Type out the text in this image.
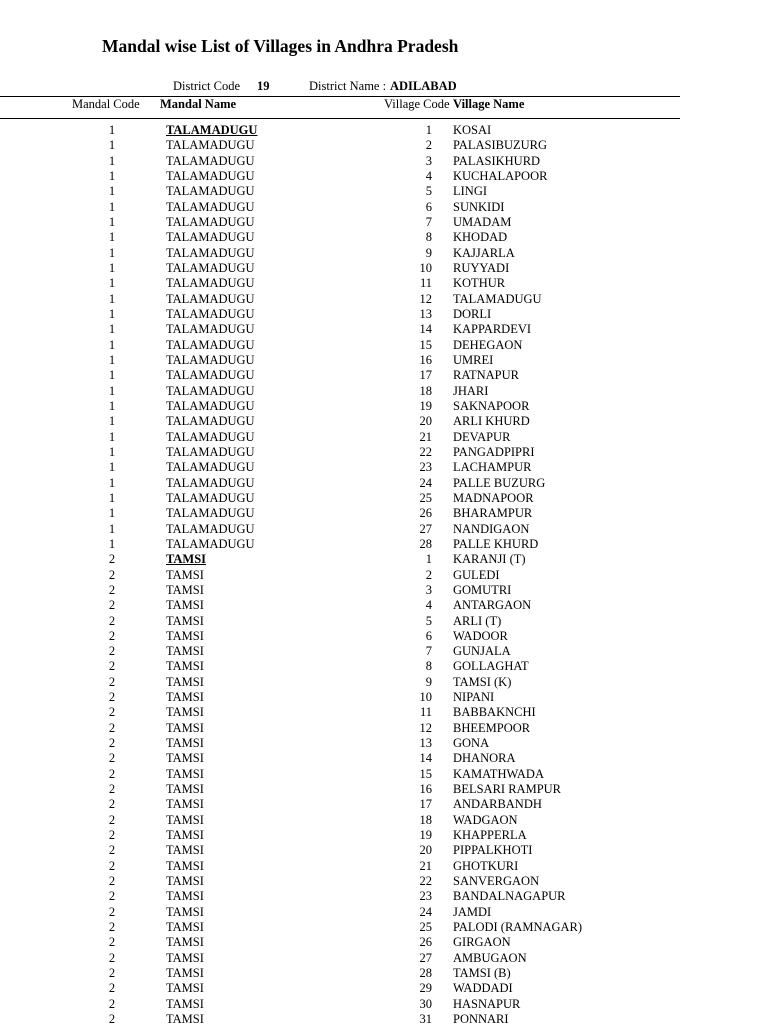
Mandal wise List of Villages in Andhra Pradesh
District Code 19	District Name : ADILABAD
Mandal Code Mandal Name	Village Code Village Name
1	TALAMADUGU	1 KOSAI
1	TALAMADUGU	2 PALASIBUZURG
1	TALAMADUGU	3 PALASIKHURD
1	TALAMADUGU	4 KUCHALAPOOR
1	TALAMADUGU	5 LINGI
1	TALAMADUGU	6 SUNKIDI
1	TALAMADUGU	7 UMADAM
1	TALAMADUGU	8 KHODAD
1	TALAMADUGU	9 KAJJARLA
1	TALAMADUGU	10 RUYYADI
1	TALAMADUGU	11 KOTHUR
1	TALAMADUGU	12 TALAMADUGU
1	TALAMADUGU	13 DORLI
1	TALAMADUGU	14 KAPPARDEVI
1	TALAMADUGU	15 DEHEGAON
1	TALAMADUGU	16 UMREI
1	TALAMADUGU	17 RATNAPUR
1	TALAMADUGU	18 JHARI
1	TALAMADUGU	19 SAKNAPOOR
1	TALAMADUGU	20 ARLI KHURD
1	TALAMADUGU	21 DEVAPUR
1	TALAMADUGU	22 PANGADPIPRI
1	TALAMADUGU	23 LACHAMPUR
1	TALAMADUGU	24 PALLE BUZURG
1	TALAMADUGU	25 MADNAPOOR
1	TALAMADUGU	26 BHARAMPUR
1	TALAMADUGU	27 NANDIGAON
1	TALAMADUGU	28 PALLE KHURD
2	TAMSI	1 KARANJI (T)
2	TAMSI	2 GULEDI
2	TAMSI	3 GOMUTRI
2	TAMSI	4 ANTARGAON
2	TAMSI	5 ARLI (T)
2	TAMSI	6 WADOOR
2	TAMSI	7 GUNJALA
2	TAMSI	8 GOLLAGHAT
2	TAMSI	9 TAMSI (K)
2	TAMSI	10 NIPANI
2	TAMSI	11 BABBAKNCHI
2	TAMSI	12 BHEEMPOOR
2	TAMSI	13 GONA
2	TAMSI	14 DHANORA
2	TAMSI	15 KAMATHWADA
2	TAMSI	16 BELSARI RAMPUR
2	TAMSI	17 ANDARBANDH
2	TAMSI	18 WADGAON
2	TAMSI	19 KHAPPERLA
2	TAMSI	20 PIPPALKHOTI
2	TAMSI	21 GHOTKURI
2	TAMSI	22 SANVERGAON
2	TAMSI	23 BANDALNAGAPUR
2	TAMSI	24 JAMDI
2	TAMSI	25 PALODI (RAMNAGAR)
2	TAMSI	26 GIRGAON
2	TAMSI	27 AMBUGAON
2	TAMSI	28 TAMSI (B)
2	TAMSI	29 WADDADI
2	TAMSI	30 HASNAPUR
2	TAMSI	31 PONNARI
